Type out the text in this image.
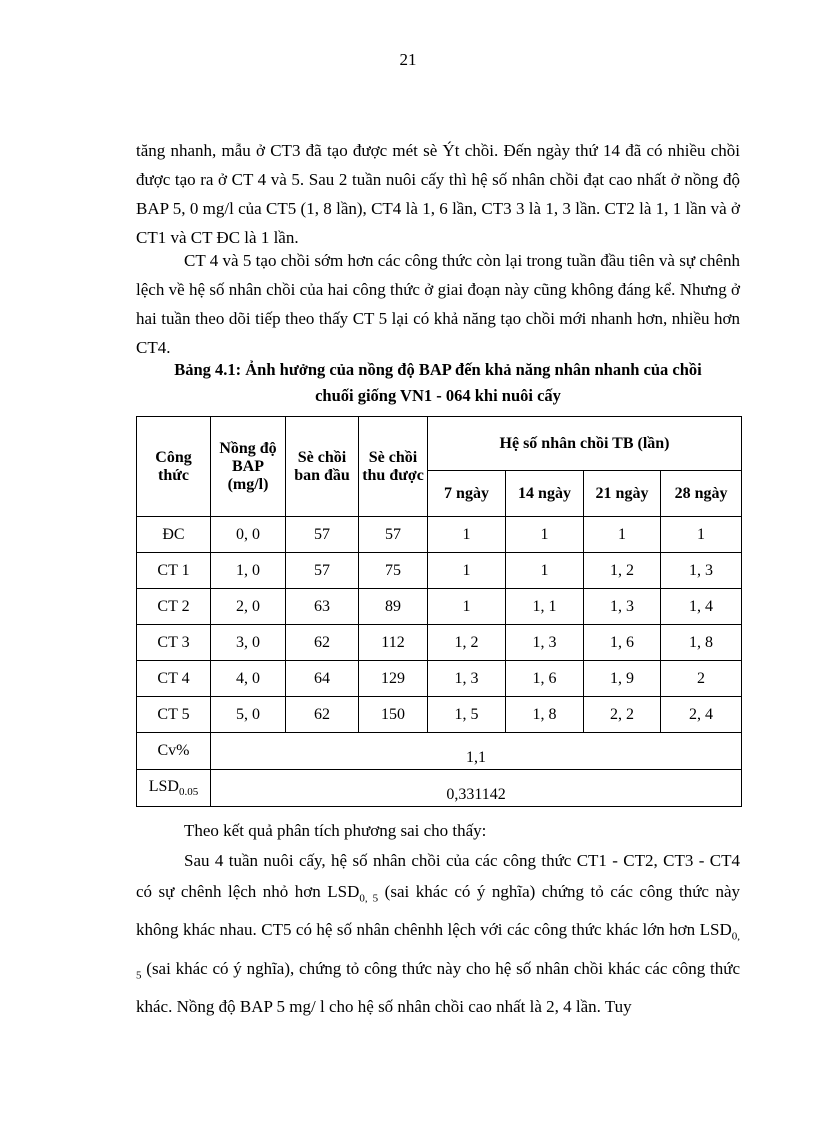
21

tăng nhanh, mẫu ở CT3 đã tạo được mét sè Ýt chồi. Đến ngày thứ 14 đã có nhiều chồi được tạo ra ở CT 4 và 5. Sau 2 tuần nuôi cấy thì hệ số nhân chồi đạt cao nhất ở nồng độ BAP 5, 0 mg/l của CT5 (1, 8 lần), CT4 là 1, 6 lần, CT3 3 là 1, 3 lần. CT2 là 1, 1 lần và ở CT1 và CT ĐC là 1 lần.

CT 4 và 5 tạo chồi sớm hơn các công thức còn lại trong tuần đầu tiên và sự chênh lệch về hệ số nhân chồi của hai công thức ở giai đoạn này cũng không đáng kể. Nhưng ở hai tuần theo dõi tiếp theo thấy CT 5 lại có khả năng tạo chồi mới nhanh hơn, nhiều hơn CT4.

Bảng 4.1: Ảnh hưởng của nồng độ BAP đến khả năng nhân nhanh của chồi
chuối giống VN1 - 064 khi nuôi cấy
Công thức	Nồng độ BAP (mg/l)	Sè chồi ban đầu	Sè chồi thu được	Hệ số nhân chồi TB (lần)			
				7 ngày	14 ngày	21 ngày	28 ngày
ĐC	0, 0	57	57	1	1	1	1
CT 1	1, 0	57	75	1	1	1, 2	1, 3
CT 2	2, 0	63	89	1	1, 1	1, 3	1, 4
CT 3	3, 0	62	112	1, 2	1, 3	1, 6	1, 8
CT 4	4, 0	64	129	1, 3	1, 6	1, 9	2
CT 5	5, 0	62	150	1, 5	1, 8	2, 2	2, 4
Cv%	1,1						
$LSD_{0.05}$	0,331142						

Theo kết quả phân tích phương sai cho thấy:

Sau 4 tuần nuôi cấy, hệ số nhân chồi của các công thức CT1 - CT2, CT3 - CT4 có sự chênh lệch nhỏ hơn $LSD_{0, 5}$ (sai khác có ý nghĩa) chứng tỏ các công thức này không khác nhau. CT5 có hệ số nhân chênhh lệch với các công thức khác lớn hơn $LSD_{0, 5}$ (sai khác có ý nghĩa), chứng tỏ công thức này cho hệ số nhân chồi khác các công thức khác. Nồng độ BAP 5 mg/ l cho hệ số nhân chồi cao nhất là 2, 4 lần. Tuy
